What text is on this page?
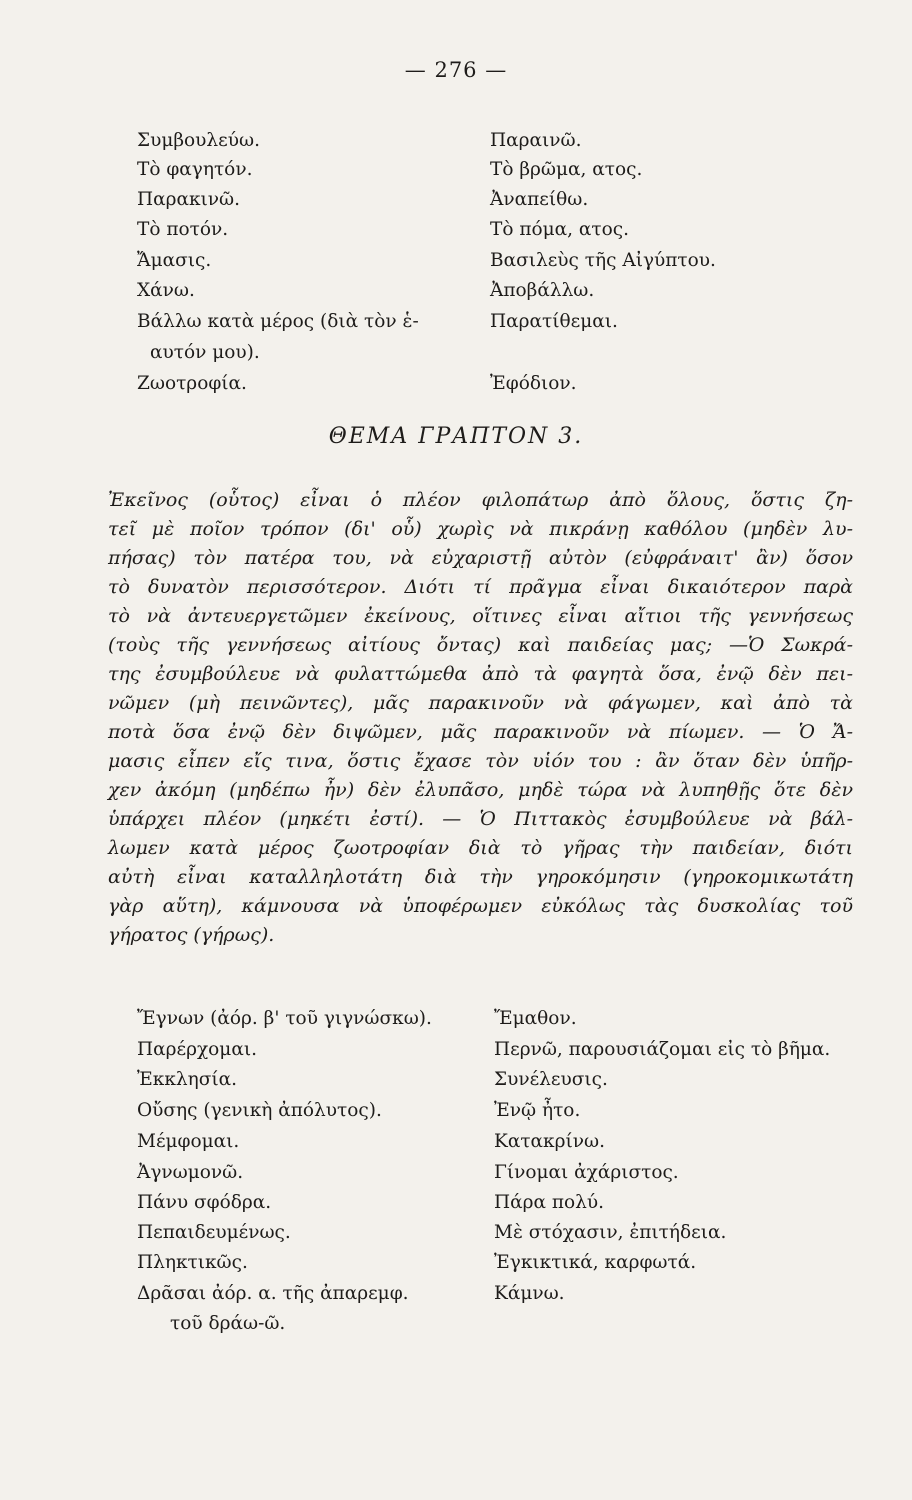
— 276 —
Συμβουλεύω.
Τὸ φαγητόν.
Παρακινῶ.
Τὸ ποτόν.
Ἄμασις.
Χάνω.
Βάλλω κατὰ μέρος (διὰ τὸν ἑ-
αυτόν μου).
Ζωοτροφία.
Παραινῶ.
Τὸ βρῶμα, ατος.
Ἀναπείθω.
Τὸ πόμα, ατος.
Βασιλεὺς τῆς Αἰγύπτου.
Ἀποβάλλω.
Παρατίθεμαι.
Ἐφόδιον.
ΘΕΜΑ ΓΡΑΠΤΟΝ 3.
Ἐκεῖνος (οὗτος) εἶναι ὁ πλέον φιλοπάτωρ ἀπὸ ὅλους, ὅστις ζη-
τεῖ μὲ ποῖον τρόπον (δι' οὗ) χωρὶς νὰ πικράνῃ καθόλου (μηδὲν λυ-
πήσας) τὸν πατέρα του, νὰ εὐχαριστῇ αὐτὸν (εὐφράναιτ' ἂν) ὅσον
τὸ δυνατὸν περισσότερον. Διότι τί πρᾶγμα εἶναι δικαιότερον παρὰ
τὸ νὰ ἀντευεργετῶμεν ἐκείνους, οἵτινες εἶναι αἴτιοι τῆς γεννήσεως
(τοὺς τῆς γεννήσεως αἰτίους ὄντας) καὶ παιδείας μας; —Ὁ Σωκρά-
της ἐσυμβούλευε νὰ φυλαττώμεθα ἀπὸ τὰ φαγητὰ ὅσα, ἐνῷ δὲν πει-
νῶμεν (μὴ πεινῶντες), μᾶς παρακινοῦν νὰ φάγωμεν, καὶ ἀπὸ τὰ
ποτὰ ὅσα ἐνῷ δὲν διψῶμεν, μᾶς παρακινοῦν νὰ πίωμεν. — Ὁ Ἄ-
μασις εἶπεν εἴς τινα, ὅστις ἔχασε τὸν υἱόν του : ἂν ὅταν δὲν ὑπῆρ-
χεν ἀκόμη (μηδέπω ἦν) δὲν ἐλυπᾶσο, μηδὲ τώρα νὰ λυπηθῇς ὅτε δὲν
ὑπάρχει πλέον (μηκέτι ἐστί). — Ὁ Πιττακὸς ἐσυμβούλευε νὰ βάλ-
λωμεν κατὰ μέρος ζωοτροφίαν διὰ τὸ γῆρας τὴν παιδείαν, διότι
αὐτὴ εἶναι καταλληλοτάτη διὰ τὴν γηροκόμησιν (γηροκομικωτάτη
γὰρ αὕτη), κάμνουσα νὰ ὑποφέρωμεν εὐκόλως τὰς δυσκολίας τοῦ
γήρατος (γήρως).
Ἔγνων (ἀόρ. β' τοῦ γιγνώσκω).
Παρέρχομαι.
Ἐκκλησία.
Οὔσης (γενικὴ ἀπόλυτος).
Μέμφομαι.
Ἀγνωμονῶ.
Πάνυ σφόδρα.
Πεπαιδευμένως.
Πληκτικῶς.
Δρᾶσαι ἀόρ. α. τῆς ἀπαρεμφ.
τοῦ δράω-ῶ.
Ἔμαθον.
Περνῶ, παρουσιάζομαι εἰς τὸ βῆμα.
Συνέλευσις.
Ἐνῷ ἦτο.
Κατακρίνω.
Γίνομαι ἀχάριστος.
Πάρα πολύ.
Μὲ στόχασιν, ἐπιτήδεια.
Ἐγκικτικά, καρφωτά.
Κάμνω.
